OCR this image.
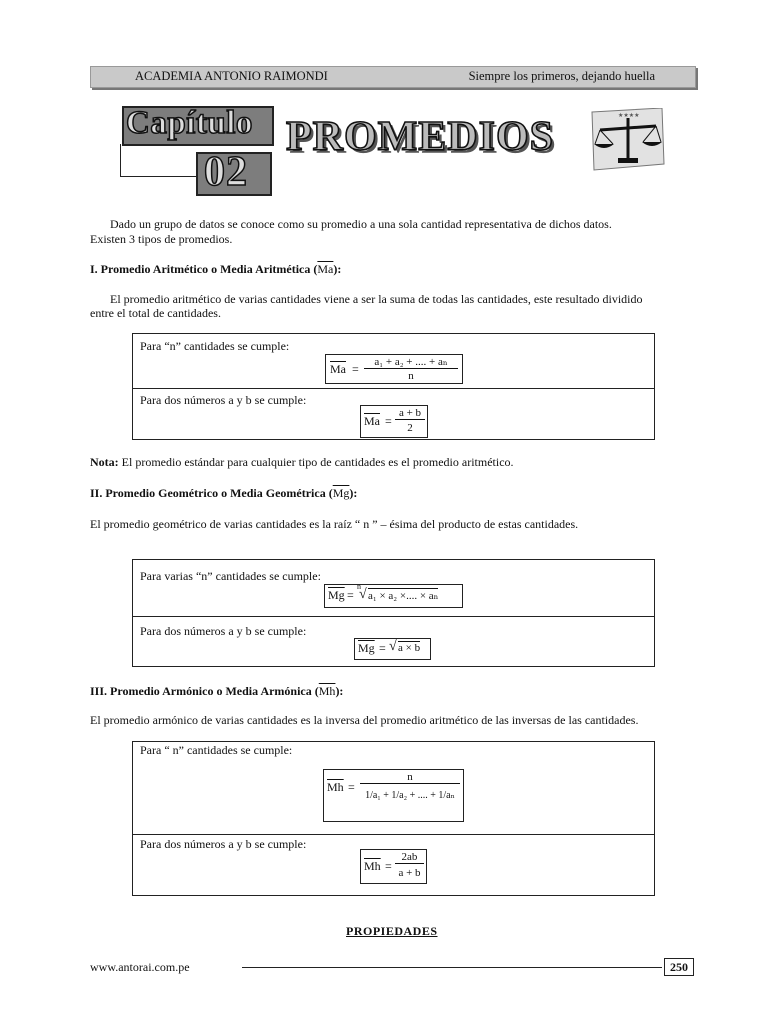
ACADEMIA ANTONIO RAIMONDI	Siempre los primeros, dejando huella
Capítulo
02
PROMEDIOS	★★★★
Dado un grupo de datos se conoce como su promedio a una sola cantidad representativa de dichos datos.
Existen 3 tipos de promedios.
I. Promedio Aritmético o Media Aritmética $(\overline{Ma})$:
El promedio aritmético de varias cantidades viene a ser la suma de todas las cantidades, este resultado dividido
entre el total de cantidades.
Para “n” cantidades se cumple:
$\overline{Ma}$ =	a₁ + a₂ + .... + aₙ
n
Para dos números a y b se cumple:
$\overline{Ma}$ =
a + b
2
Nota: El promedio estándar para cualquier tipo de cantidades es el promedio aritmético.
II. Promedio Geométrico o Media Geométrica $(\overline{Mg})$:
El promedio geométrico de varias cantidades es la raíz “ n ” – ésima del producto de estas cantidades.
Para varias “n” cantidades se cumple:
$\overline{Mg}$ =
n
√ a₁ × a₂ ×.... × aₙ
Para dos números a y b se cumple:
$\overline{Mg}$ = √ a × b
III. Promedio Armónico o Media Armónica $(\overline{Mh})$:
El promedio armónico de varias cantidades es la inversa del promedio aritmético de las inversas de las cantidades.
Para “ n” cantidades se cumple:
$\overline{Mh}$ =
n
1/a₁ + 1/a₂ + .... + 1/aₙ
Para dos números a y b se cumple:
$\overline{Mh}$ =
2ab
a + b
PROPIEDADES
www.antorai.com.pe	250
